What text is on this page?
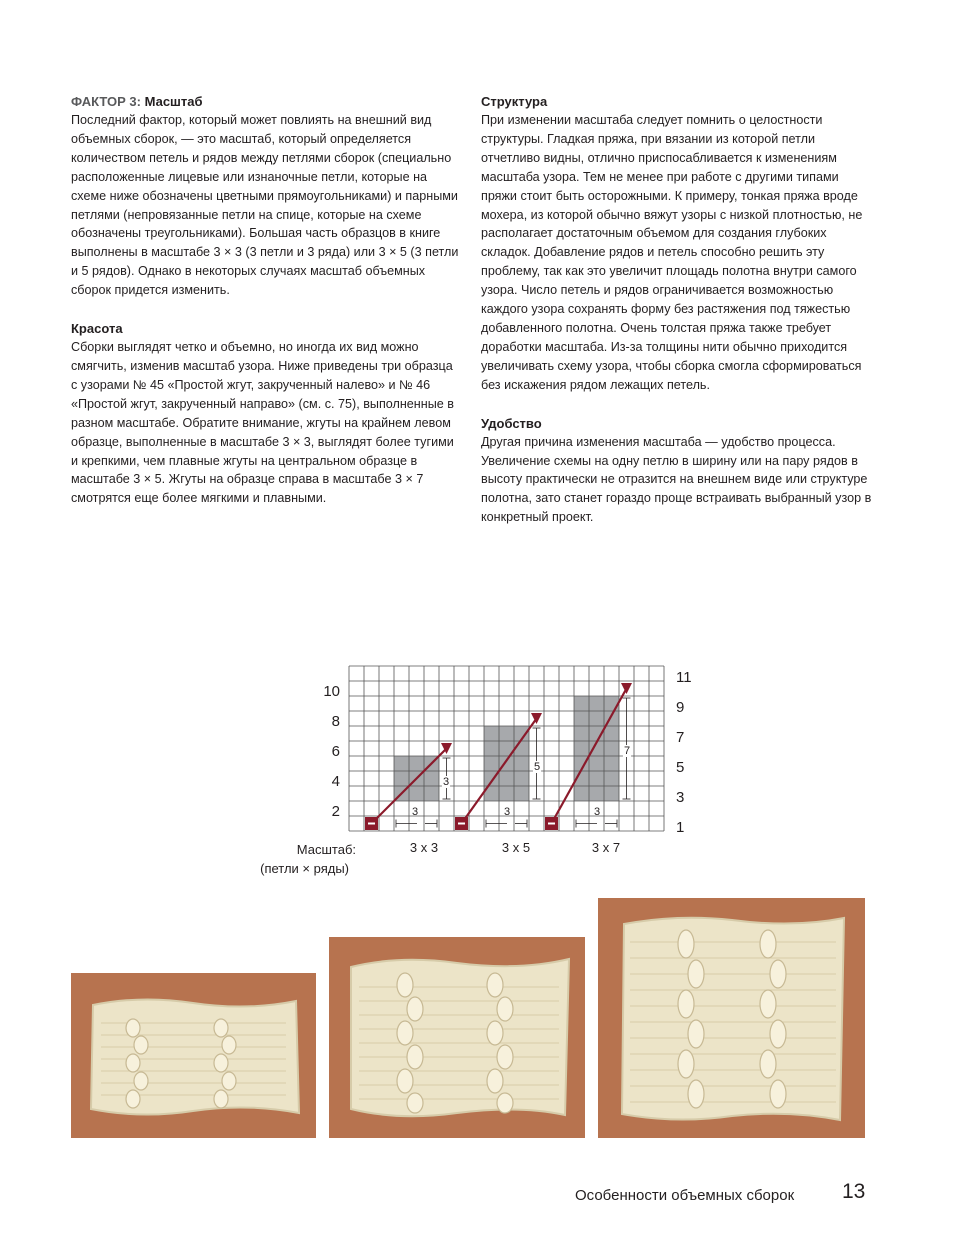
ФАКТОР 3: Масштаб

Последний фактор, который может повлиять на внешний вид объемных сборок, — это масштаб, который определяется количеством петель и рядов между петлями сборок (специально расположенные лицевые или изнаночные петли, которые на схеме ниже обозначены цветными прямоугольниками) и парными петлями (непровязанные петли на спице, которые на схеме обозначены треугольниками). Большая часть образцов в книге выполнены в масштабе 3 × 3 (3 петли и 3 ряда) или 3 × 5 (3 петли и 5 рядов). Однако в некоторых случаях масштаб объемных сборок придется изменить.

Красота

Сборки выглядят четко и объемно, но иногда их вид можно смягчить, изменив масштаб узора. Ниже приведены три образца с узорами № 45 «Простой жгут, закрученный налево» и № 46 «Простой жгут, закрученный направо» (см. с. 75), выполненные в разном масштабе. Обратите внимание, жгуты на крайнем левом образце, выполненные в масштабе 3 × 3, выглядят более тугими и крепкими, чем плавные жгуты на центральном образце в масштабе 3 × 5. Жгуты на образце справа в масштабе 3 × 7 смотрятся еще более мягкими и плавными.

Структура

При изменении масштаба следует помнить о целостности структуры. Гладкая пряжа, при вязании из которой петли отчетливо видны, отлично приспосабливается к изменениям масштаба узора. Тем не менее при работе с другими типами пряжи стоит быть осторожными. К примеру, тонкая пряжа вроде мохера, из которой обычно вяжут узоры с низкой плотностью, не располагает достаточным объемом для создания глубоких складок. Добавление рядов и петель способно решить эту проблему, так как это увеличит площадь полотна внутри самого узора. Число петель и рядов ограничивается возможностью каждого узора сохранять форму без растяжения под тяжестью добавленного полотна. Очень толстая пряжа также требует доработки масштаба. Из-за толщины нити обычно приходится увеличивать схему узора, чтобы сборка смогла сформироваться без искажения рядом лежащих петель.

Удобство

Другая причина изменения масштаба — удобство процесса. Увеличение схемы на одну петлю в ширину или на пару рядов в высоту практически не отразится на внешнем виде или структуре полотна, зато станет гораздо проще встраивать выбранный узор в конкретный проект.

10
8
6
4
2
11
9
7
5
3
1
Масштаб:
(петли × ряды)
3 x 3	3 x 5	3 x 7
3	3	3
3
5
7
Особенности объемных сборок 13
